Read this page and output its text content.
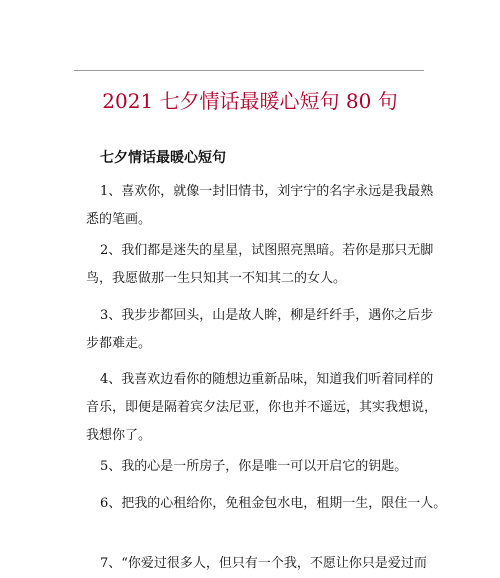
2021 七夕情话最暖心短句 80 句
七夕情话最暖心短句
1、喜欢你，就像一封旧情书，刘宇宁的名字永远是我最熟
悉的笔画。
2、我们都是迷失的星星，试图照亮黑暗。若你是那只无脚
鸟，我愿做那一生只知其一不知其二的女人。
3、我步步都回头，山是故人眸，柳是纤纤手，遇你之后步
步都难走。
4、我喜欢边看你的随想边重新品味，知道我们听着同样的
音乐，即便是隔着宾夕法尼亚，你也并不遥远，其实我想说，
我想你了。
5、我的心是一所房子，你是唯一可以开启它的钥匙。
6、把我的心租给你，免租金包水电，租期一生，限住一人。
7、“你爱过很多人，但只有一个我，不愿让你只是爱过而
